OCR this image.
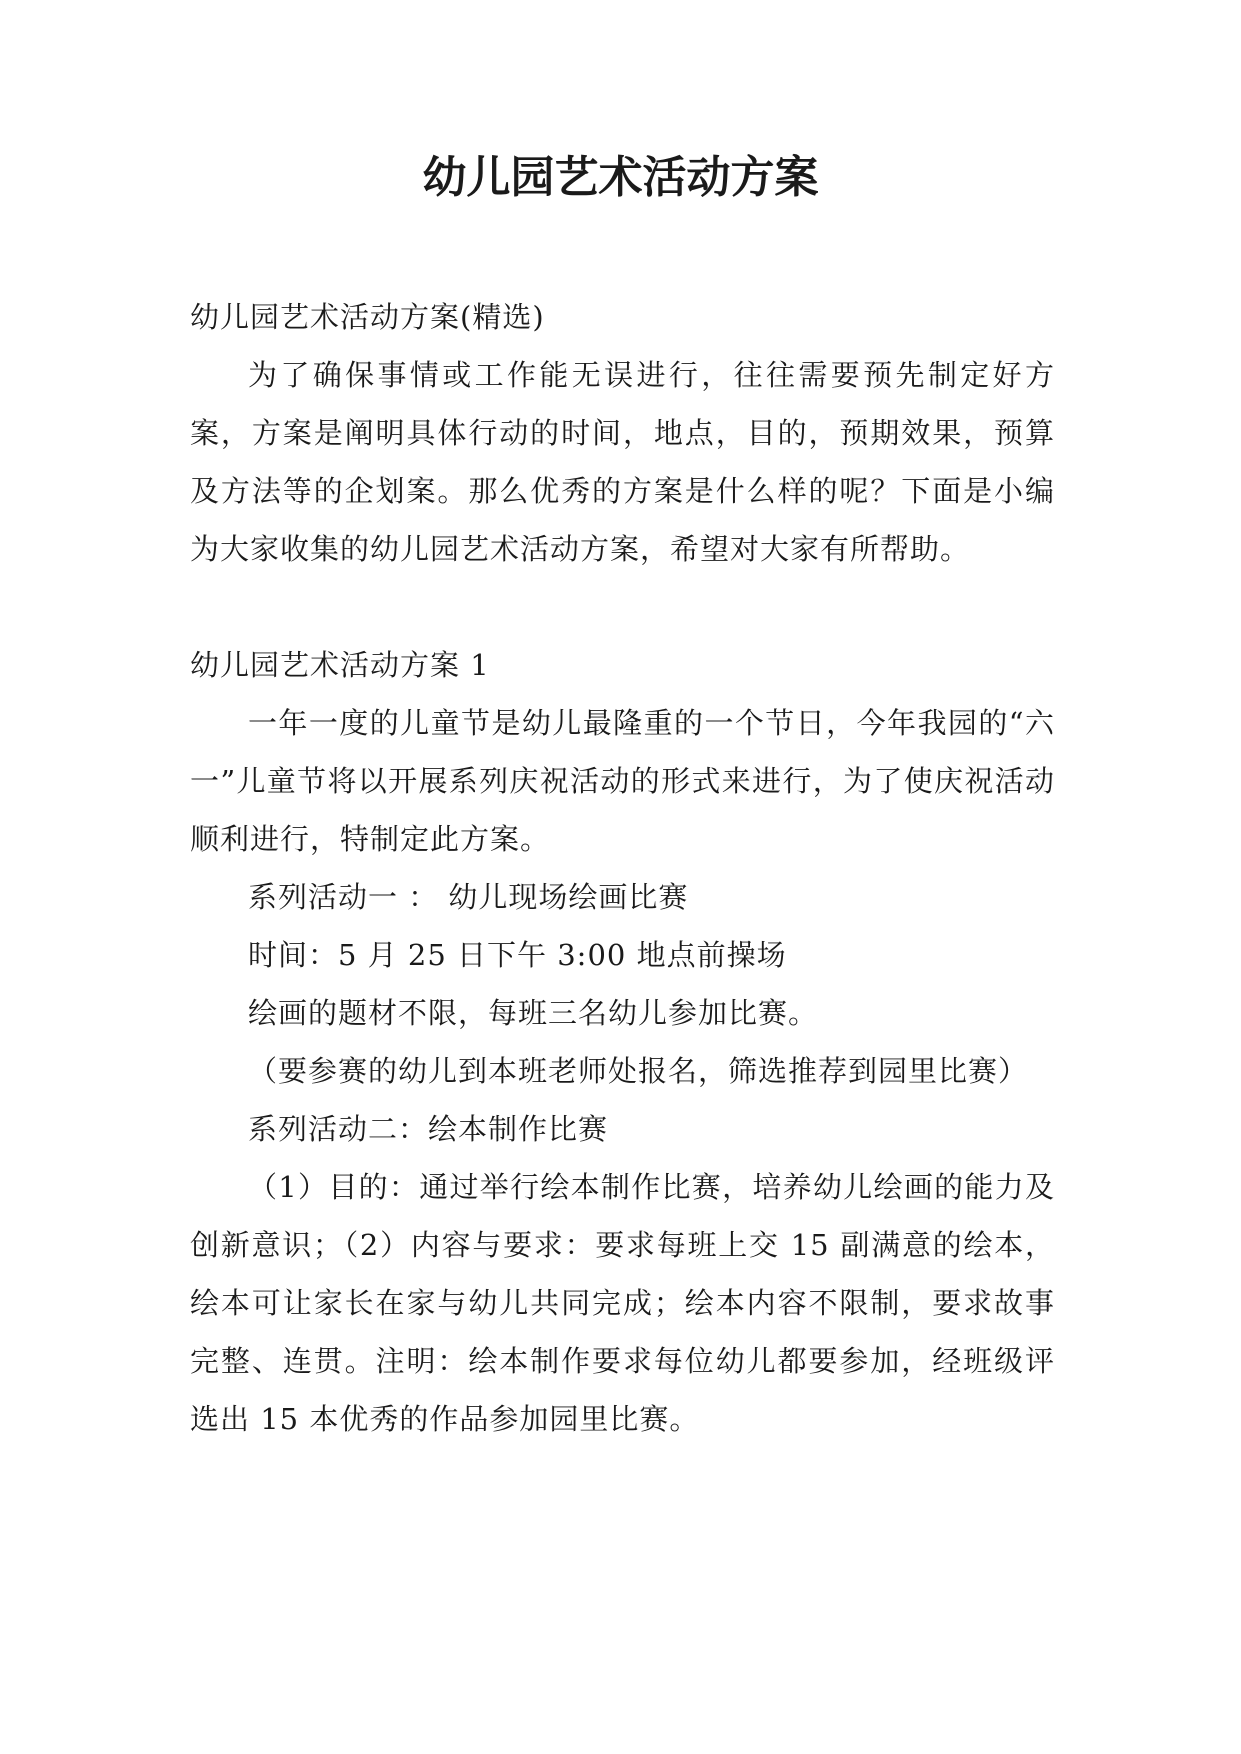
幼儿园艺术活动方案

幼儿园艺术活动方案(精选)

为了确保事情或工作能无误进行，往往需要预先制定好方案，方案是阐明具体行动的时间，地点，目的，预期效果，预算及方法等的企划案。那么优秀的方案是什么样的呢？下面是小编为大家收集的幼儿园艺术活动方案，希望对大家有所帮助。

幼儿园艺术活动方案 1

一年一度的儿童节是幼儿最隆重的一个节日，今年我园的“六一”儿童节将以开展系列庆祝活动的形式来进行，为了使庆祝活动顺利进行，特制定此方案。

系列活动一 ： 幼儿现场绘画比赛

时间：5 月 25 日下午 3:00 地点前操场

绘画的题材不限，每班三名幼儿参加比赛。

（要参赛的幼儿到本班老师处报名，筛选推荐到园里比赛）

系列活动二：绘本制作比赛

（1）目的：通过举行绘本制作比赛，培养幼儿绘画的能力及创新意识；（2）内容与要求：要求每班上交 15 副满意的绘本，绘本可让家长在家与幼儿共同完成；绘本内容不限制，要求故事完整、连贯。注明：绘本制作要求每位幼儿都要参加，经班级评选出 15 本优秀的作品参加园里比赛。
